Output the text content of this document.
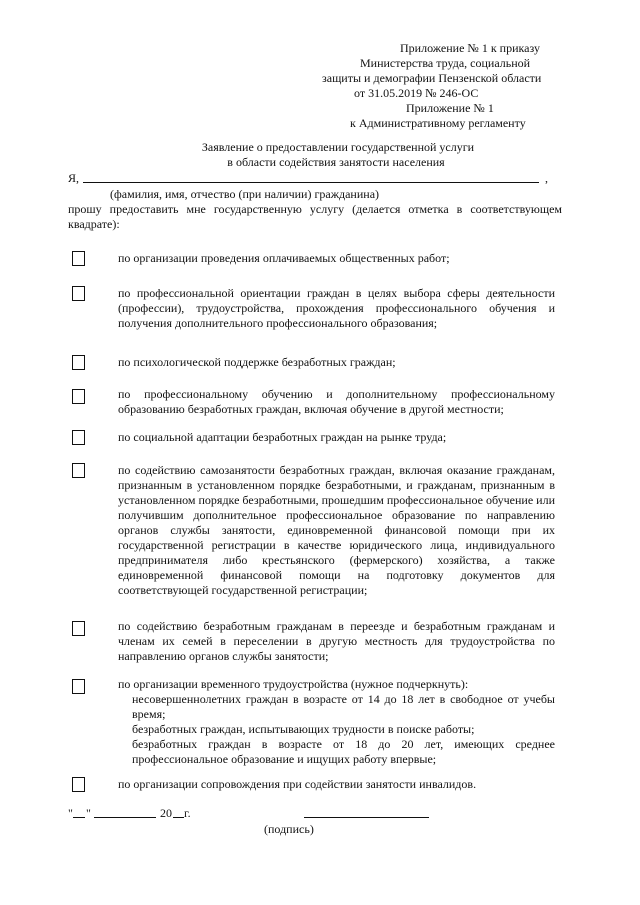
Приложение № 1 к приказу
Министерства труда, социальной
защиты и демографии Пензенской области
от 31.05.2019 № 246-ОС
Приложение № 1
к Административному регламенту
Заявление о предоставлении государственной услуги
в области содействия занятости населения
Я,	,
(фамилия, имя, отчество (при наличии) гражданина)
прошу предоставить мне государственную услугу (делается отметка в соответствующем квадрате):
по организации проведения оплачиваемых общественных работ;
по профессиональной ориентации граждан в целях выбора сферы деятельности (профессии), трудоустройства, прохождения профессионального обучения и получения дополнительного профессионального образования;
по психологической поддержке безработных граждан;
по профессиональному обучению и дополнительному профессиональному образованию безработных граждан, включая обучение в другой местности;
по социальной адаптации безработных граждан на рынке труда;
по содействию самозанятости безработных граждан, включая оказание гражданам, признанным в установленном порядке безработными, и гражданам, признанным в установленном порядке безработными, прошедшим профессиональное обучение или получившим дополнительное профессиональное образование по направлению органов службы занятости, единовременной финансовой помощи при их государственной регистрации в качестве юридического лица, индивидуального предпринимателя либо крестьянского (фермерского) хозяйства, а также единовременной финансовой помощи на подготовку документов для соответствующей государственной регистрации;
по содействию безработным гражданам в переезде и безработным гражданам и членам их семей в переселении в другую местность для трудоустройства по направлению органов службы занятости;
по организации временного трудоустройства (нужное подчеркнуть):
несовершеннолетних граждан в возрасте от 14 до 18 лет в свободное от учебы время;
безработных граждан, испытывающих трудности в поиске работы;
безработных граждан в возрасте от 18 до 20 лет, имеющих среднее профессиональное образование и ищущих работу впервые;
по организации сопровождения при содействии занятости инвалидов.
" "	20 г.
(подпись)
